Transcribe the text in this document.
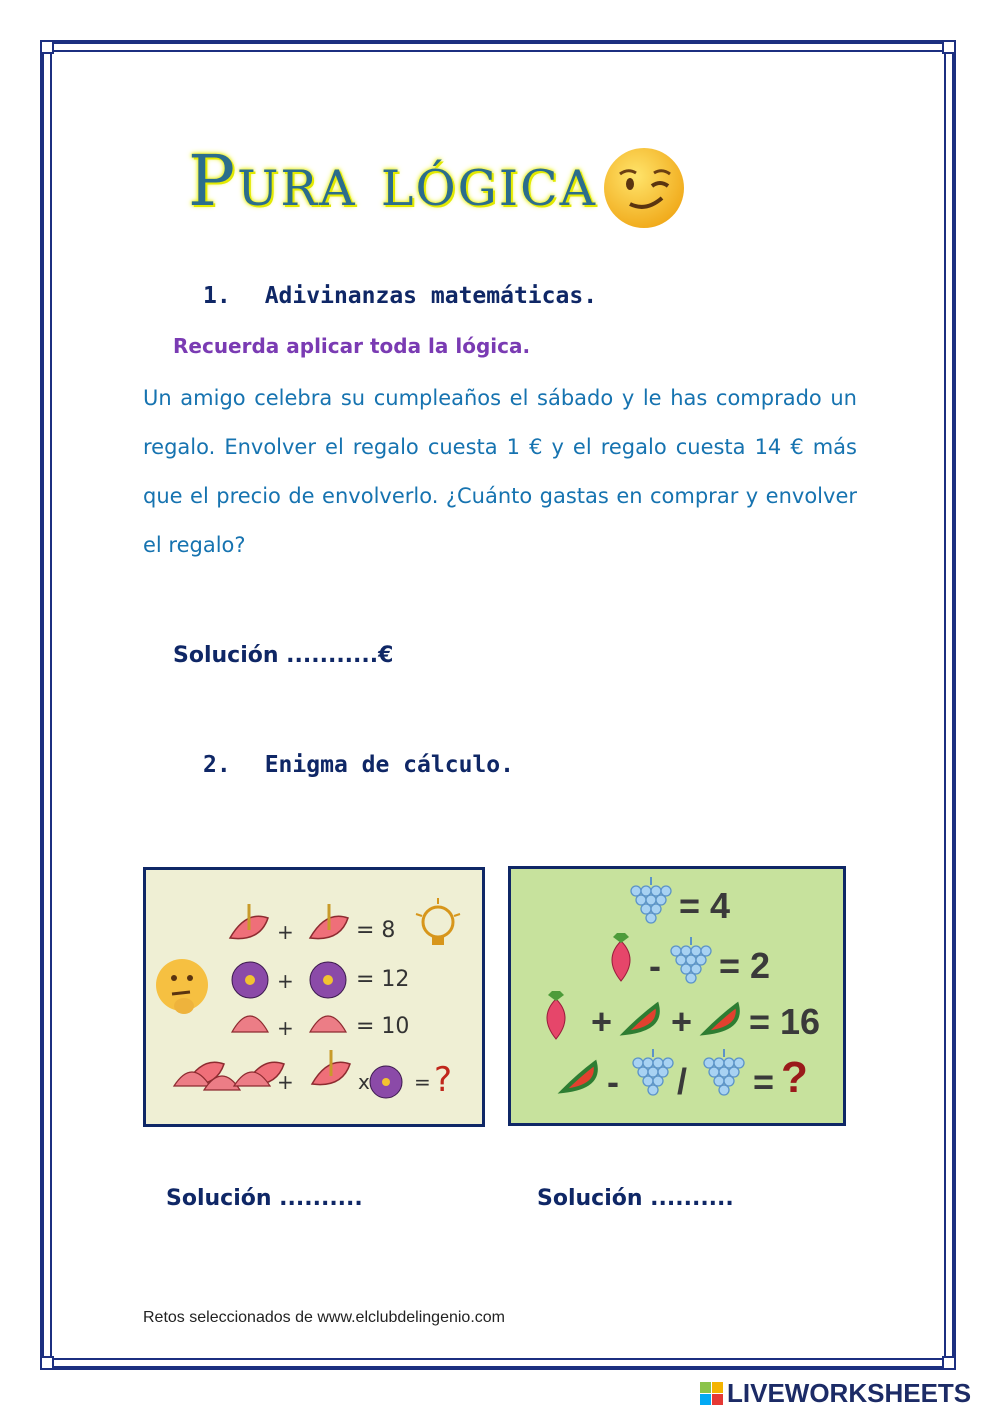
Pura lógica
1. Adivinanzas matemáticas.
Recuerda aplicar toda la lógica.
Un amigo celebra su cumpleaños el sábado y le has comprado un regalo. Envolver el regalo cuesta 1 € y el regalo cuesta 14 € más que el precio de envolverlo. ¿Cuánto gastas en comprar y envolver el regalo?
Solución ...........€
2. Enigma de cálculo.
+	= 8
+	= 12
+	= 10
+	x = ?
= 4
- = 2
+ + = 16
- / = ?
Solución ..........	Solución ..........
Retos seleccionados de www.elclubdelingenio.com
LIVEWORKSHEETS
